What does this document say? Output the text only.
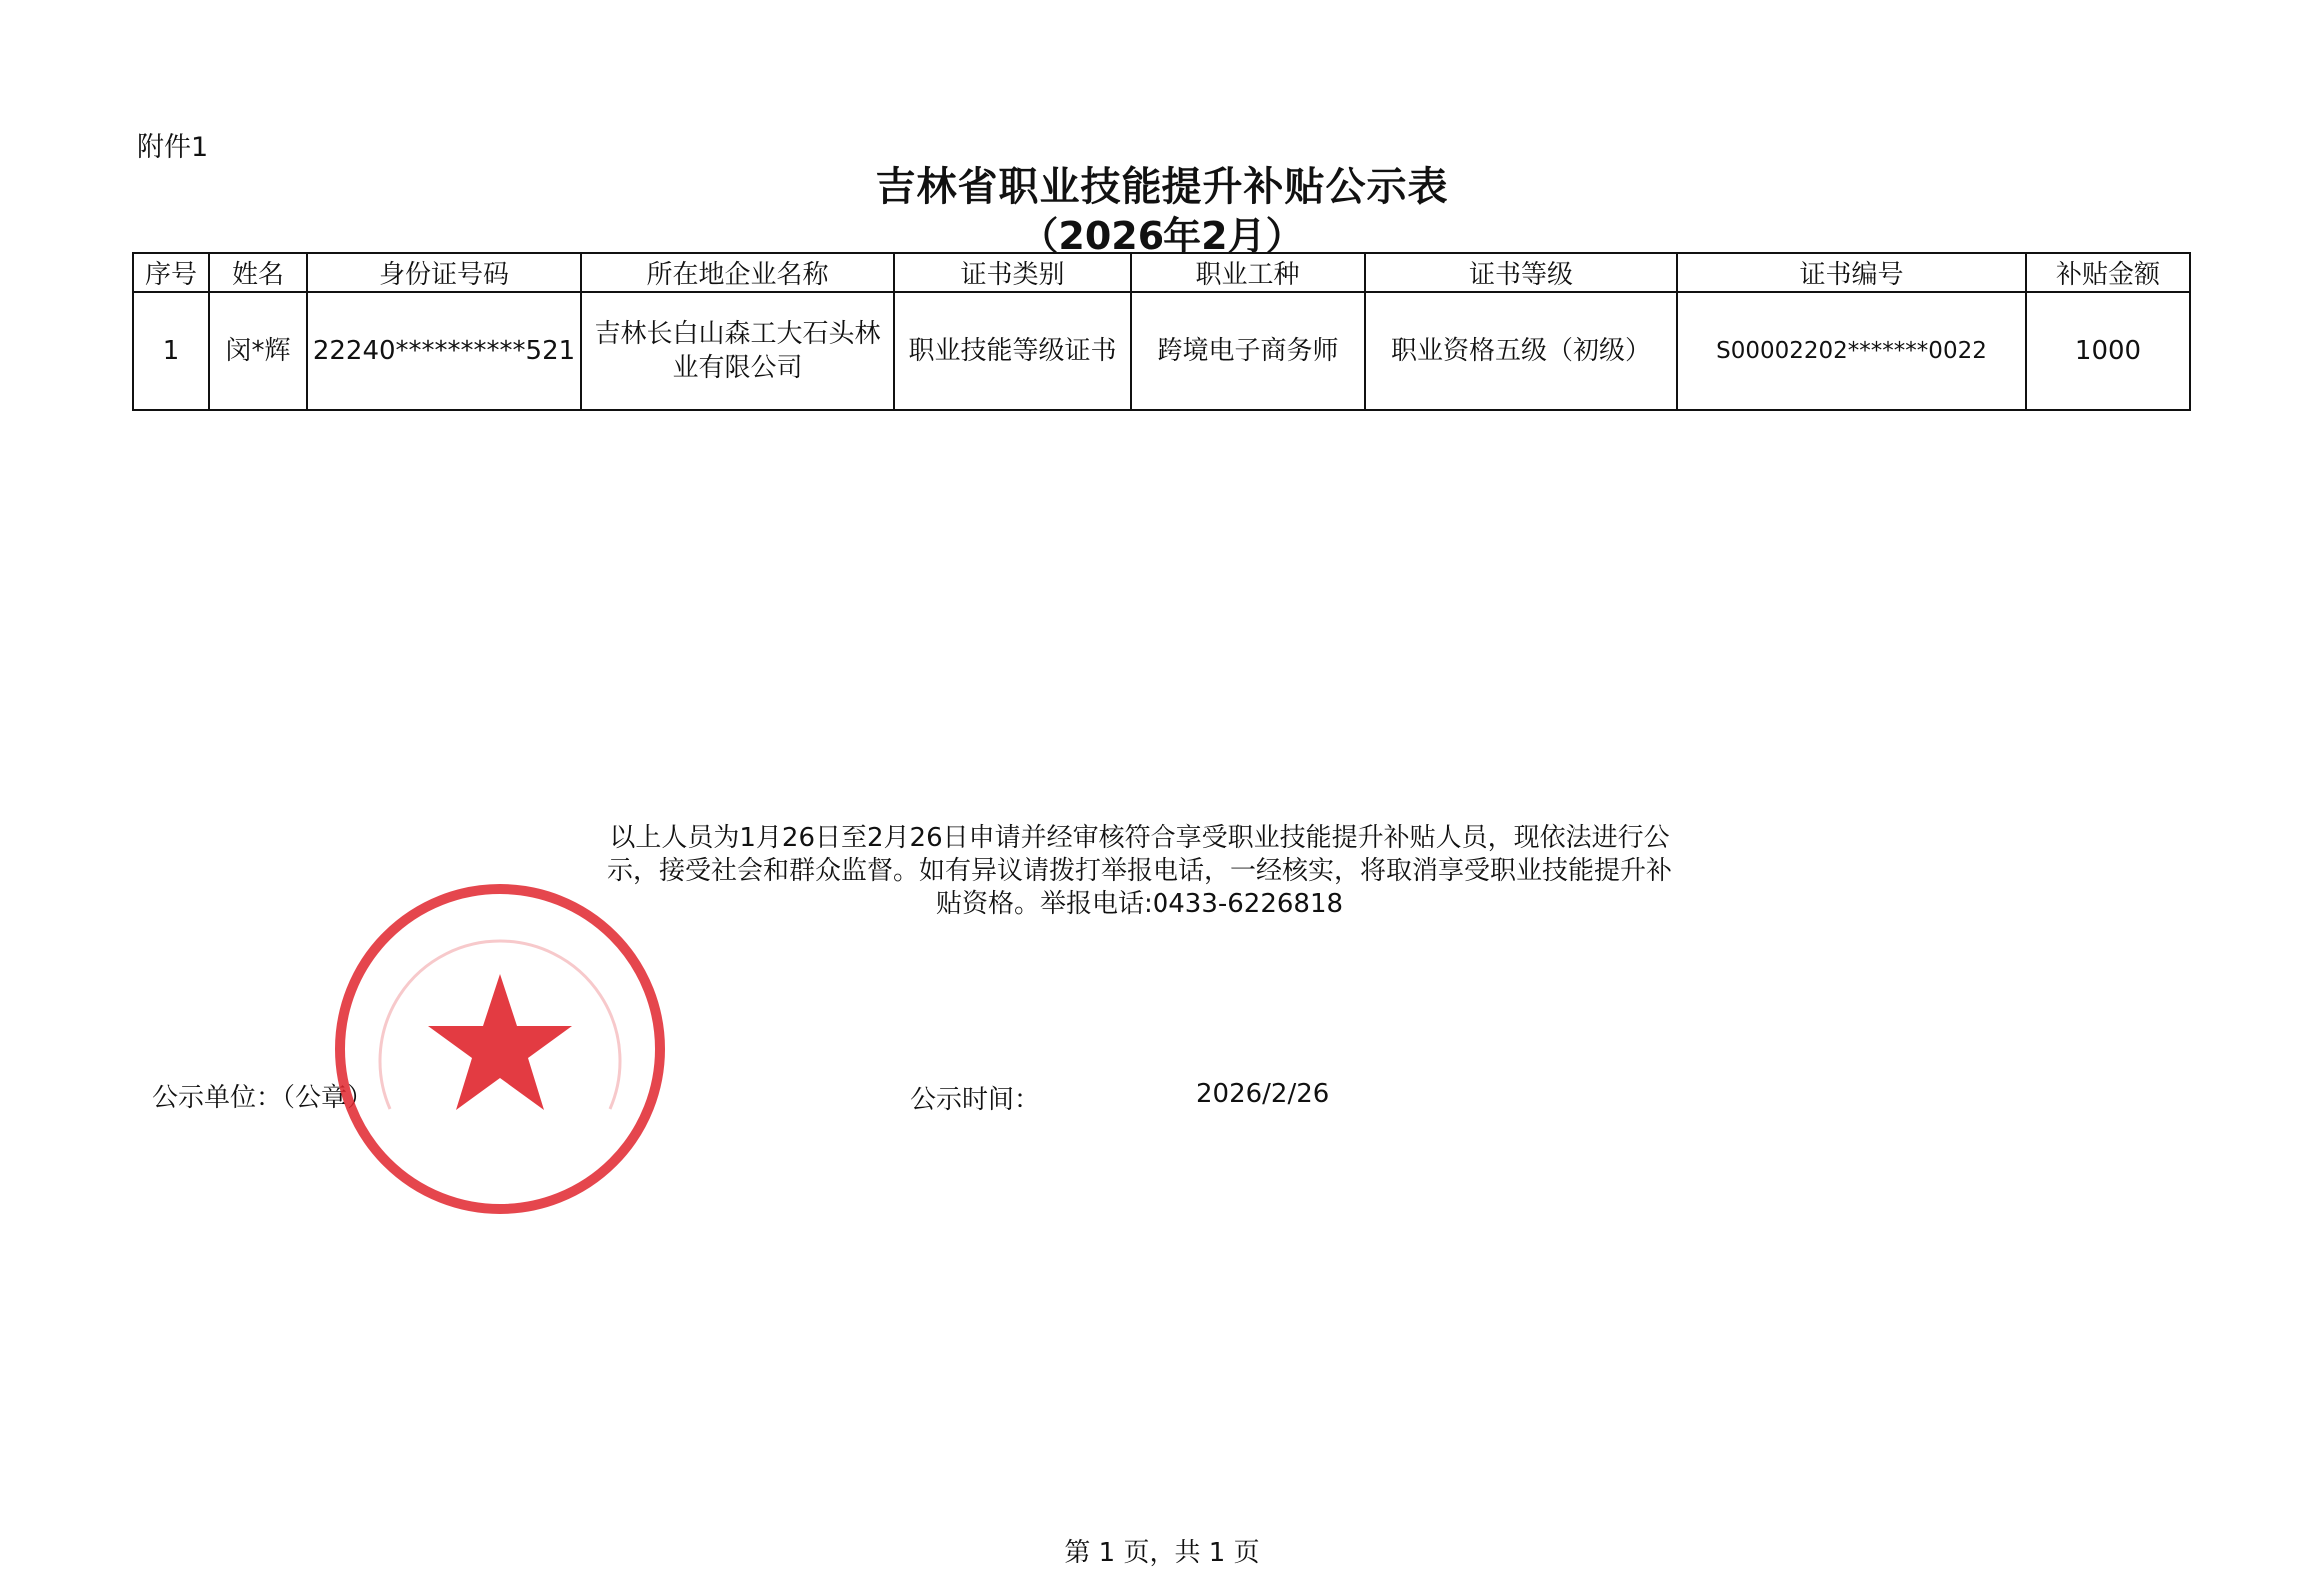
附件1
吉林省职业技能提升补贴公示表
（2026年2月）
序号	姓名	身份证号码	所在地企业名称	证书类别	职业工种	证书等级	证书编号	补贴金额
1	闵*辉	22240**********521	吉林长白山森工大石头林业有限公司	职业技能等级证书	跨境电子商务师	职业资格五级（初级）	S00002202*******0022	1000
以上人员为1月26日至2月26日申请并经审核符合享受职业技能提升补贴人员，现依法进行公示，接受社会和群众监督。如有异议请拨打举报电话，一经核实，将取消享受职业技能提升补贴资格。举报电话:0433-6226818
公示单位：（公章）	公示时间：	2026/2/26
第 1 页，共 1 页
